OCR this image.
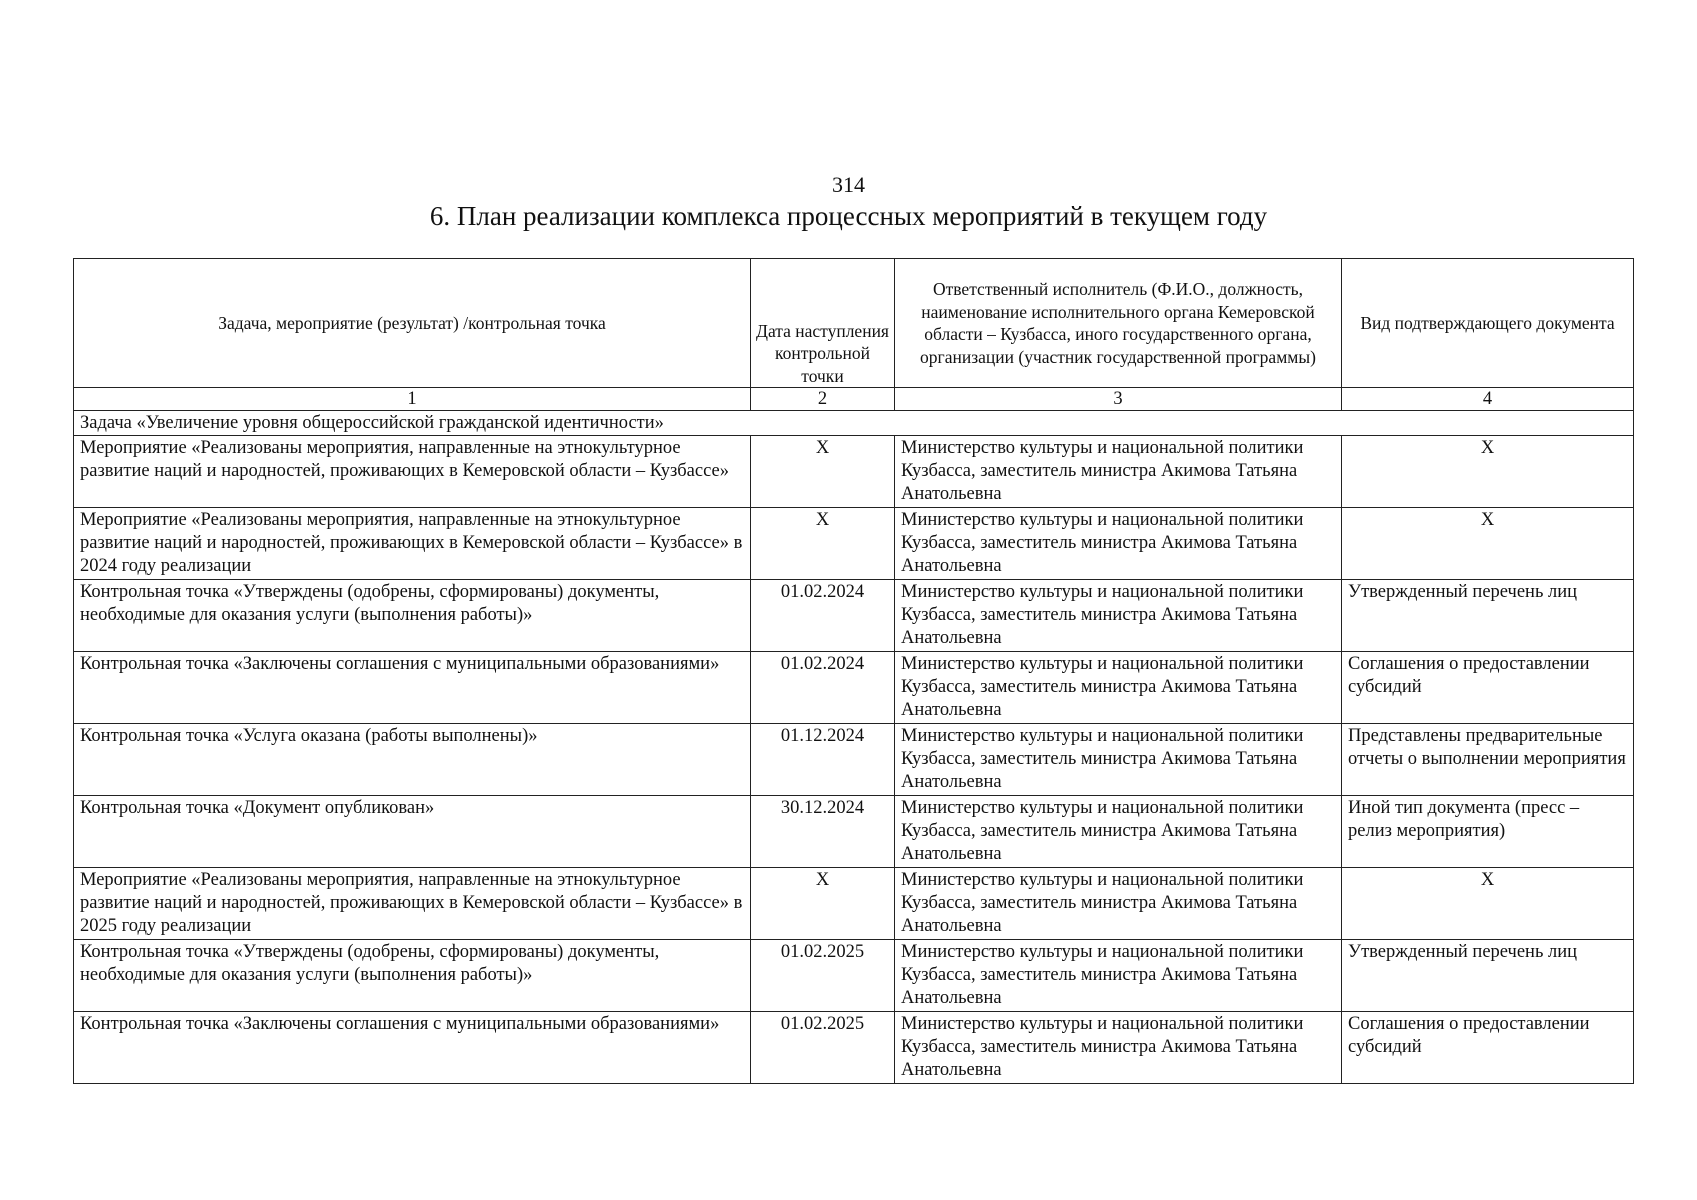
314
6. План реализации комплекса процессных мероприятий в текущем году
Задача, мероприятие (результат) /контрольная точка	Дата наступления контрольной точки	Ответственный исполнитель (Ф.И.О., должность, наименование исполнительного органа Кемеровской области – Кузбасса, иного государственного органа, организации (участник государственной программы)	Вид подтверждающего документа
1	2	3	4
Задача «Увеличение уровня общероссийской гражданской идентичности»			
Мероприятие «Реализованы мероприятия, направленные на этнокультурное развитие наций и народностей, проживающих в Кемеровской области – Кузбассе»	X	Министерство культуры и национальной политики Кузбасса, заместитель министра Акимова Татьяна Анатольевна	X
Мероприятие «Реализованы мероприятия, направленные на этнокультурное развитие наций и народностей, проживающих в Кемеровской области – Кузбассе» в 2024 году реализации	X	Министерство культуры и национальной политики Кузбасса, заместитель министра Акимова Татьяна Анатольевна	X
Контрольная точка «Утверждены (одобрены, сформированы) документы, необходимые для оказания услуги (выполнения работы)»	01.02.2024	Министерство культуры и национальной политики Кузбасса, заместитель министра Акимова Татьяна Анатольевна	Утвержденный перечень лиц
Контрольная точка «Заключены соглашения с муниципальными образованиями»	01.02.2024	Министерство культуры и национальной политики Кузбасса, заместитель министра Акимова Татьяна Анатольевна	Соглашения о предоставлении субсидий
Контрольная точка «Услуга оказана (работы выполнены)»	01.12.2024	Министерство культуры и национальной политики Кузбасса, заместитель министра Акимова Татьяна Анатольевна	Представлены предварительные отчеты о выполнении мероприятия
Контрольная точка «Документ опубликован»	30.12.2024	Министерство культуры и национальной политики Кузбасса, заместитель министра Акимова Татьяна Анатольевна	Иной тип документа (пресс – релиз мероприятия)
Мероприятие «Реализованы мероприятия, направленные на этнокультурное развитие наций и народностей, проживающих в Кемеровской области – Кузбассе» в 2025 году реализации	X	Министерство культуры и национальной политики Кузбасса, заместитель министра Акимова Татьяна Анатольевна	X
Контрольная точка «Утверждены (одобрены, сформированы) документы, необходимые для оказания услуги (выполнения работы)»	01.02.2025	Министерство культуры и национальной политики Кузбасса, заместитель министра Акимова Татьяна Анатольевна	Утвержденный перечень лиц
Контрольная точка «Заключены соглашения с муниципальными образованиями»	01.02.2025	Министерство культуры и национальной политики Кузбасса, заместитель министра Акимова Татьяна Анатольевна	Соглашения о предоставлении субсидий
